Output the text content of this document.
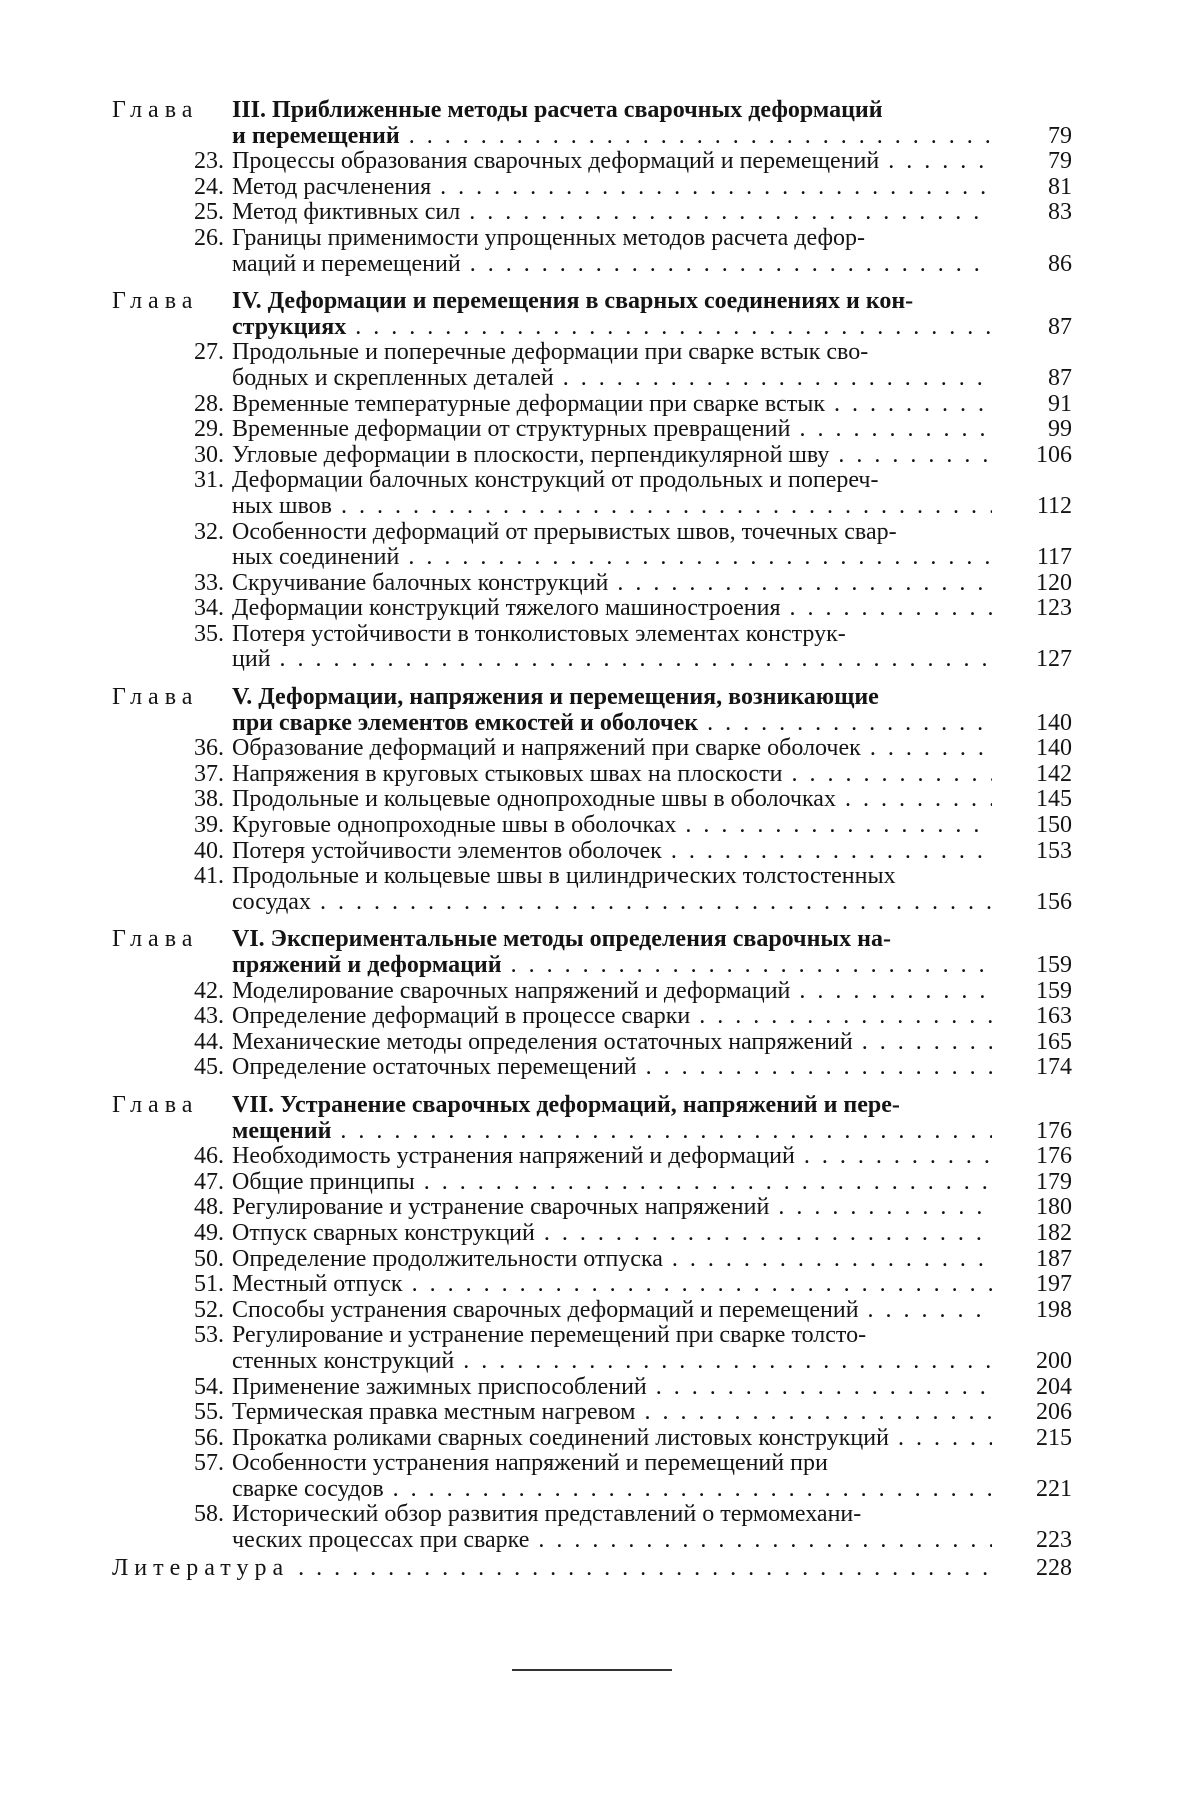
Глава	III. Приближенные методы расчета сварочных деформаций
и перемещений . . .	79
23. Процессы образования сварочных деформаций и перемещений . . .	79
24. Метод расчленения . . .	81
25. Метод фиктивных сил . . .	83
26. Границы применимости упрощенных методов расчета дефор-
маций и перемещений . . .	86
Глава	IV. Деформации и перемещения в сварных соединениях и кон-
струкциях . . .	87
27. Продольные и поперечные деформации при сварке встык сво-
бодных и скрепленных деталей . . .	87
28. Временные температурные деформации при сварке встык . . .	91
29. Временные деформации от структурных превращений . . .	99
30. Угловые деформации в плоскости, перпендикулярной шву . . .	106
31. Деформации балочных конструкций от продольных и попереч-
ных швов . . .	112
32. Особенности деформаций от прерывистых швов, точечных свар-
ных соединений . . .	117
33. Скручивание балочных конструкций . . .	120
34. Деформации конструкций тяжелого машиностроения . . .	123
35. Потеря устойчивости в тонколистовых элементах конструк-
ций . . .	127
Глава	V. Деформации, напряжения и перемещения, возникающие
при сварке элементов емкостей и оболочек . . .	140
36. Образование деформаций и напряжений при сварке оболочек . . .	140
37. Напряжения в круговых стыковых швах на плоскости . . .	142
38. Продольные и кольцевые однопроходные швы в оболочках . . .	145
39. Круговые однопроходные швы в оболочках . . .	150
40. Потеря устойчивости элементов оболочек . . .	153
41. Продольные и кольцевые швы в цилиндрических толстостенных
сосудах . . .	156
Глава	VI. Экспериментальные методы определения сварочных на-
пряжений и деформаций . . .	159
42. Моделирование сварочных напряжений и деформаций . . .	159
43. Определение деформаций в процессе сварки . . .	163
44. Механические методы определения остаточных напряжений . . .	165
45. Определение остаточных перемещений . . .	174
Глава	VII. Устранение сварочных деформаций, напряжений и пере-
мещений . . .	176
46. Необходимость устранения напряжений и деформаций . . .	176
47. Общие принципы . . .	179
48. Регулирование и устранение сварочных напряжений . . .	180
49. Отпуск сварных конструкций . . .	182
50. Определение продолжительности отпуска . . .	187
51. Местный отпуск . . .	197
52. Способы устранения сварочных деформаций и перемещений . . .	198
53. Регулирование и устранение перемещений при сварке толсто-
стенных конструкций . . .	200
54. Применение зажимных приспособлений . . .	204
55. Термическая правка местным нагревом . . .	206
56. Прокатка роликами сварных соединений листовых конструкций . . .	215
57. Особенности устранения напряжений и перемещений при
сварке сосудов . . .	221
58. Исторический обзор развития представлений о термомехани-
ческих процессах при сварке . . .	223
Литература . . .	228
